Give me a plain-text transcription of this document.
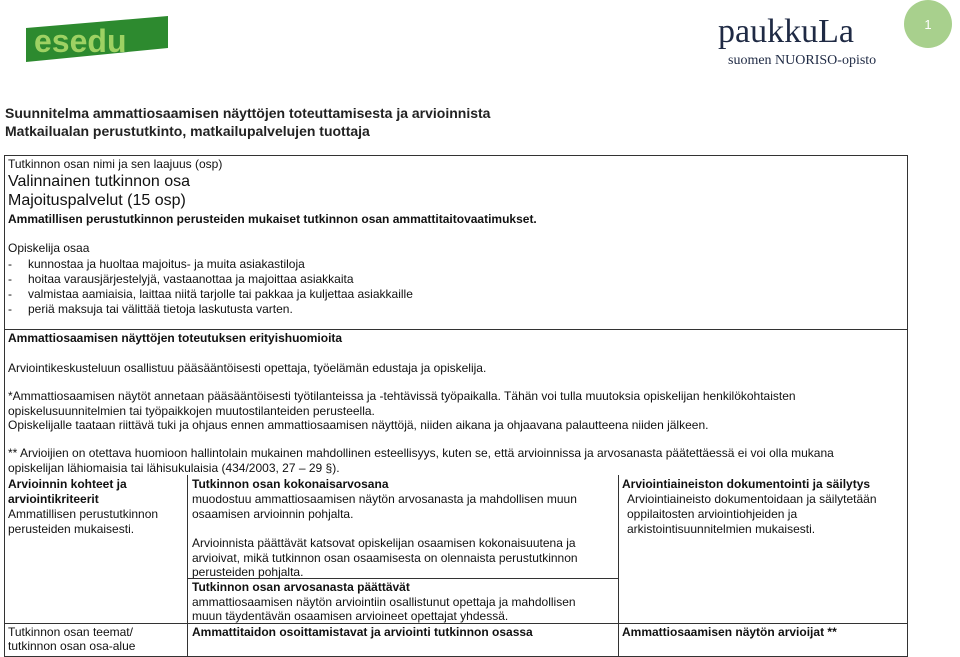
esedu	paukkuLa
suomen NUORISO-opisto
1
Suunnitelma ammattiosaamisen näyttöjen toteuttamisesta ja arvioinnista
Matkailualan perustutkinto, matkailupalvelujen tuottaja
Tutkinnon osan nimi ja sen laajuus (osp)
Valinnainen tutkinnon osa
Majoituspalvelut (15 osp)
Ammatillisen perustutkinnon perusteiden mukaiset tutkinnon osan ammattitaitovaatimukset.
Opiskelija osaa
- kunnostaa ja huoltaa majoitus- ja muita asiakastiloja
- hoitaa varausjärjestelyjä, vastaanottaa ja majoittaa asiakkaita
- valmistaa aamiaisia, laittaa niitä tarjolle tai pakkaa ja kuljettaa asiakkaille
- periä maksuja tai välittää tietoja laskutusta varten.
Ammattiosaamisen näyttöjen toteutuksen erityishuomioita
Arviointikeskusteluun osallistuu pääsääntöisesti opettaja, työelämän edustaja ja opiskelija.
*Ammattiosaamisen näytöt annetaan pääsääntöisesti työtilanteissa ja -tehtävissä työpaikalla. Tähän voi tulla muutoksia opiskelijan henkilökohtaisten
opiskelusuunnitelmien tai työpaikkojen muutostilanteiden perusteella.
Opiskelijalle taataan riittävä tuki ja ohjaus ennen ammattiosaamisen näyttöjä, niiden aikana ja ohjaavana palautteena niiden jälkeen.
** Arvioijien on otettava huomioon hallintolain mukainen mahdollinen esteellisyys, kuten se, että arvioinnissa ja arvosanasta päätettäessä ei voi olla mukana
opiskelijan lähiomaisia tai lähisukulaisia (434/2003, 27 – 29 §).
Arvioinnin kohteet ja
arviointikriteerit
Ammatillisen perustutkinnon
perusteiden mukaisesti.
Tutkinnon osan kokonaisarvosana
muodostuu ammattiosaamisen näytön arvosanasta ja mahdollisen muun
osaamisen arvioinnin pohjalta.
Arvioinnista päättävät katsovat opiskelijan osaamisen kokonaisuutena ja
arvioivat, mikä tutkinnon osan osaamisesta on olennaista perustutkinnon
perusteiden pohjalta.
Tutkinnon osan arvosanasta päättävät
ammattiosaamisen näytön arviointiin osallistunut opettaja ja mahdollisen
muun täydentävän osaamisen arvioineet opettajat yhdessä.
Arviointiaineiston dokumentointi ja säilytys
Arviointiaineisto dokumentoidaan ja säilytetään
oppilaitosten arviointiohjeiden ja
arkistointisuunnitelmien mukaisesti.
Tutkinnon osan teemat/
tutkinnon osan osa-alue
Ammattitaidon osoittamistavat ja arviointi tutkinnon osassa	Ammattiosaamisen näytön arvioijat **
